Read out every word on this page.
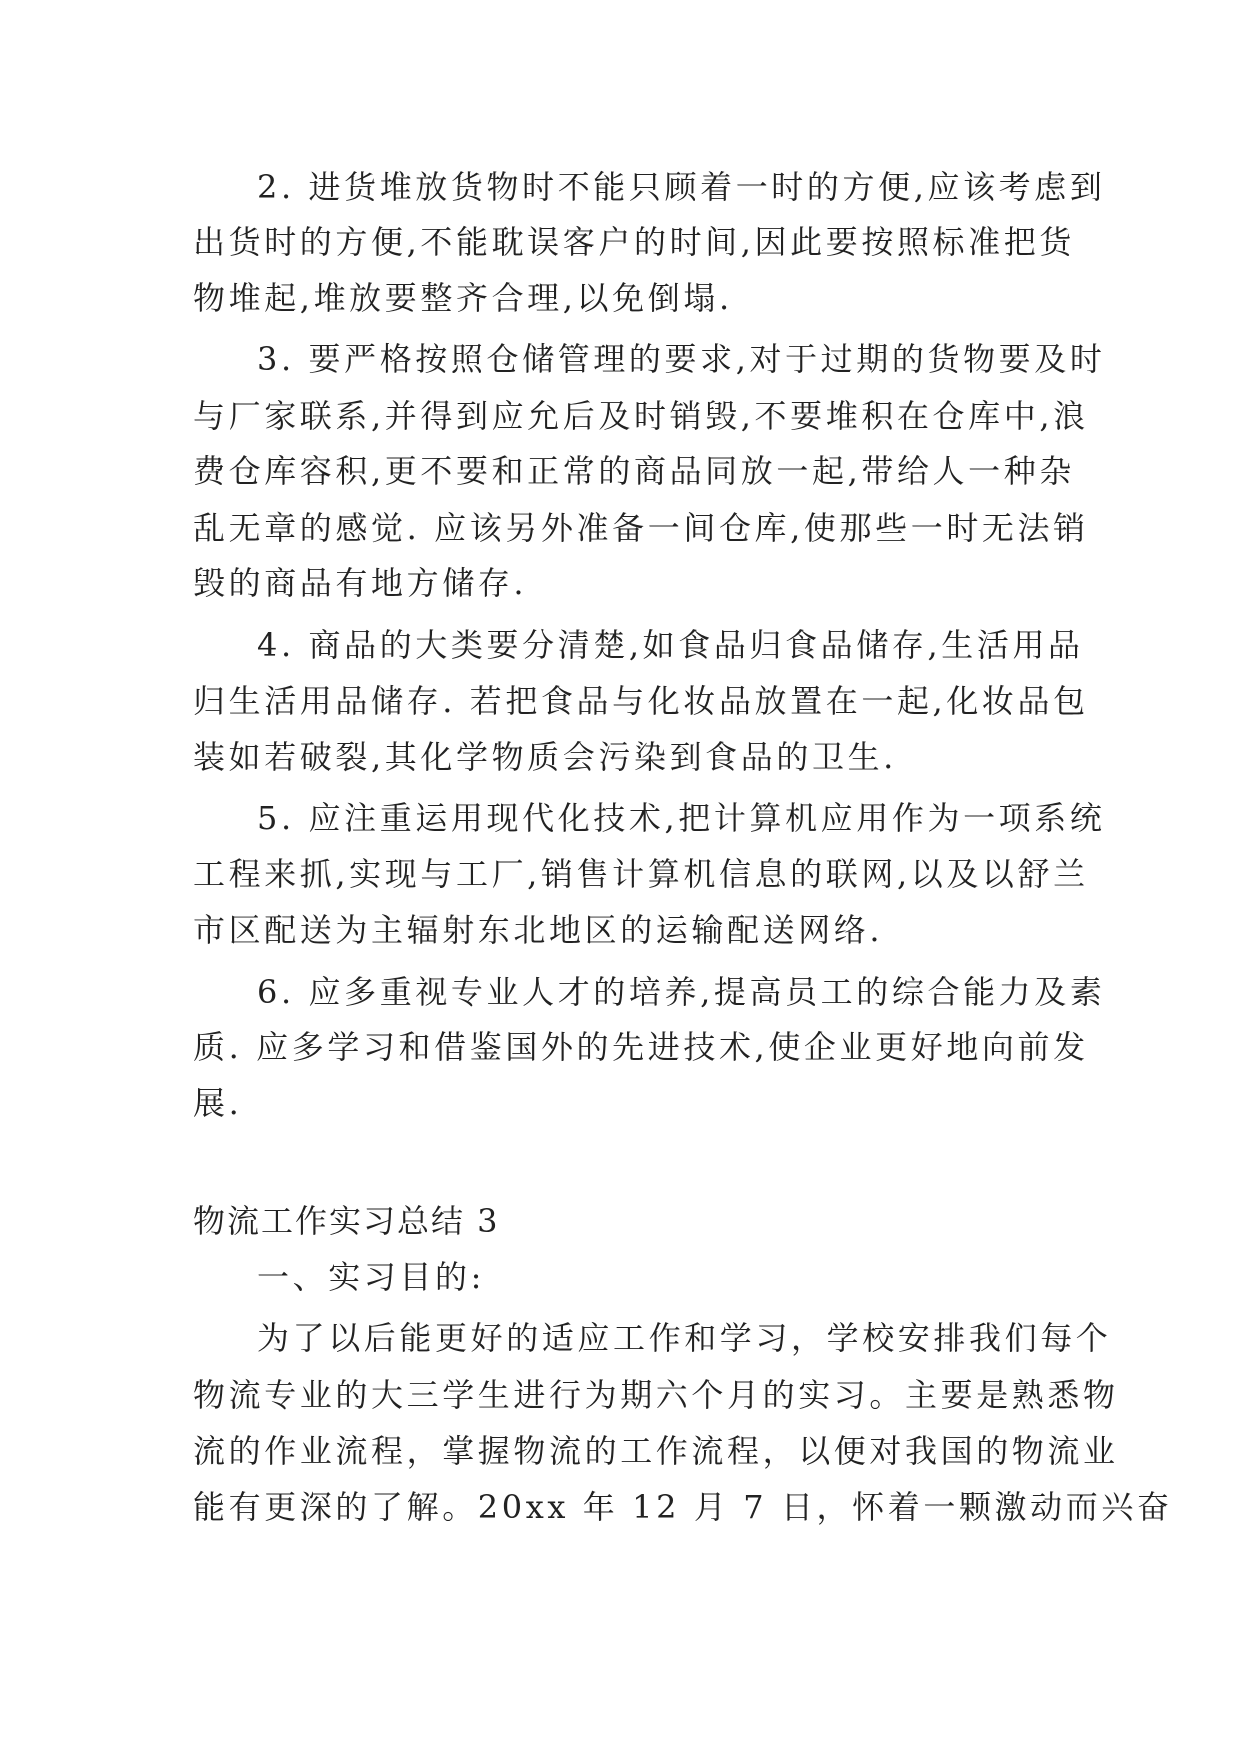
2. 进货堆放货物时不能只顾着一时的方便,应该考虑到
出货时的方便,不能耽误客户的时间,因此要按照标准把货
物堆起,堆放要整齐合理,以免倒塌.
3. 要严格按照仓储管理的要求,对于过期的货物要及时
与厂家联系,并得到应允后及时销毁,不要堆积在仓库中,浪
费仓库容积,更不要和正常的商品同放一起,带给人一种杂
乱无章的感觉. 应该另外准备一间仓库,使那些一时无法销
毁的商品有地方储存.
4. 商品的大类要分清楚,如食品归食品储存,生活用品
归生活用品储存. 若把食品与化妆品放置在一起,化妆品包
装如若破裂,其化学物质会污染到食品的卫生.
5. 应注重运用现代化技术,把计算机应用作为一项系统
工程来抓,实现与工厂,销售计算机信息的联网,以及以舒兰
市区配送为主辐射东北地区的运输配送网络.
6. 应多重视专业人才的培养,提高员工的综合能力及素
质. 应多学习和借鉴国外的先进技术,使企业更好地向前发
展.
物流工作实习总结 3
一、实习目的:
为了以后能更好的适应工作和学习，学校安排我们每个
物流专业的大三学生进行为期六个月的实习。主要是熟悉物
流的作业流程，掌握物流的工作流程，以便对我国的物流业
能有更深的了解。20xx 年 12 月 7 日，怀着一颗激动而兴奋
